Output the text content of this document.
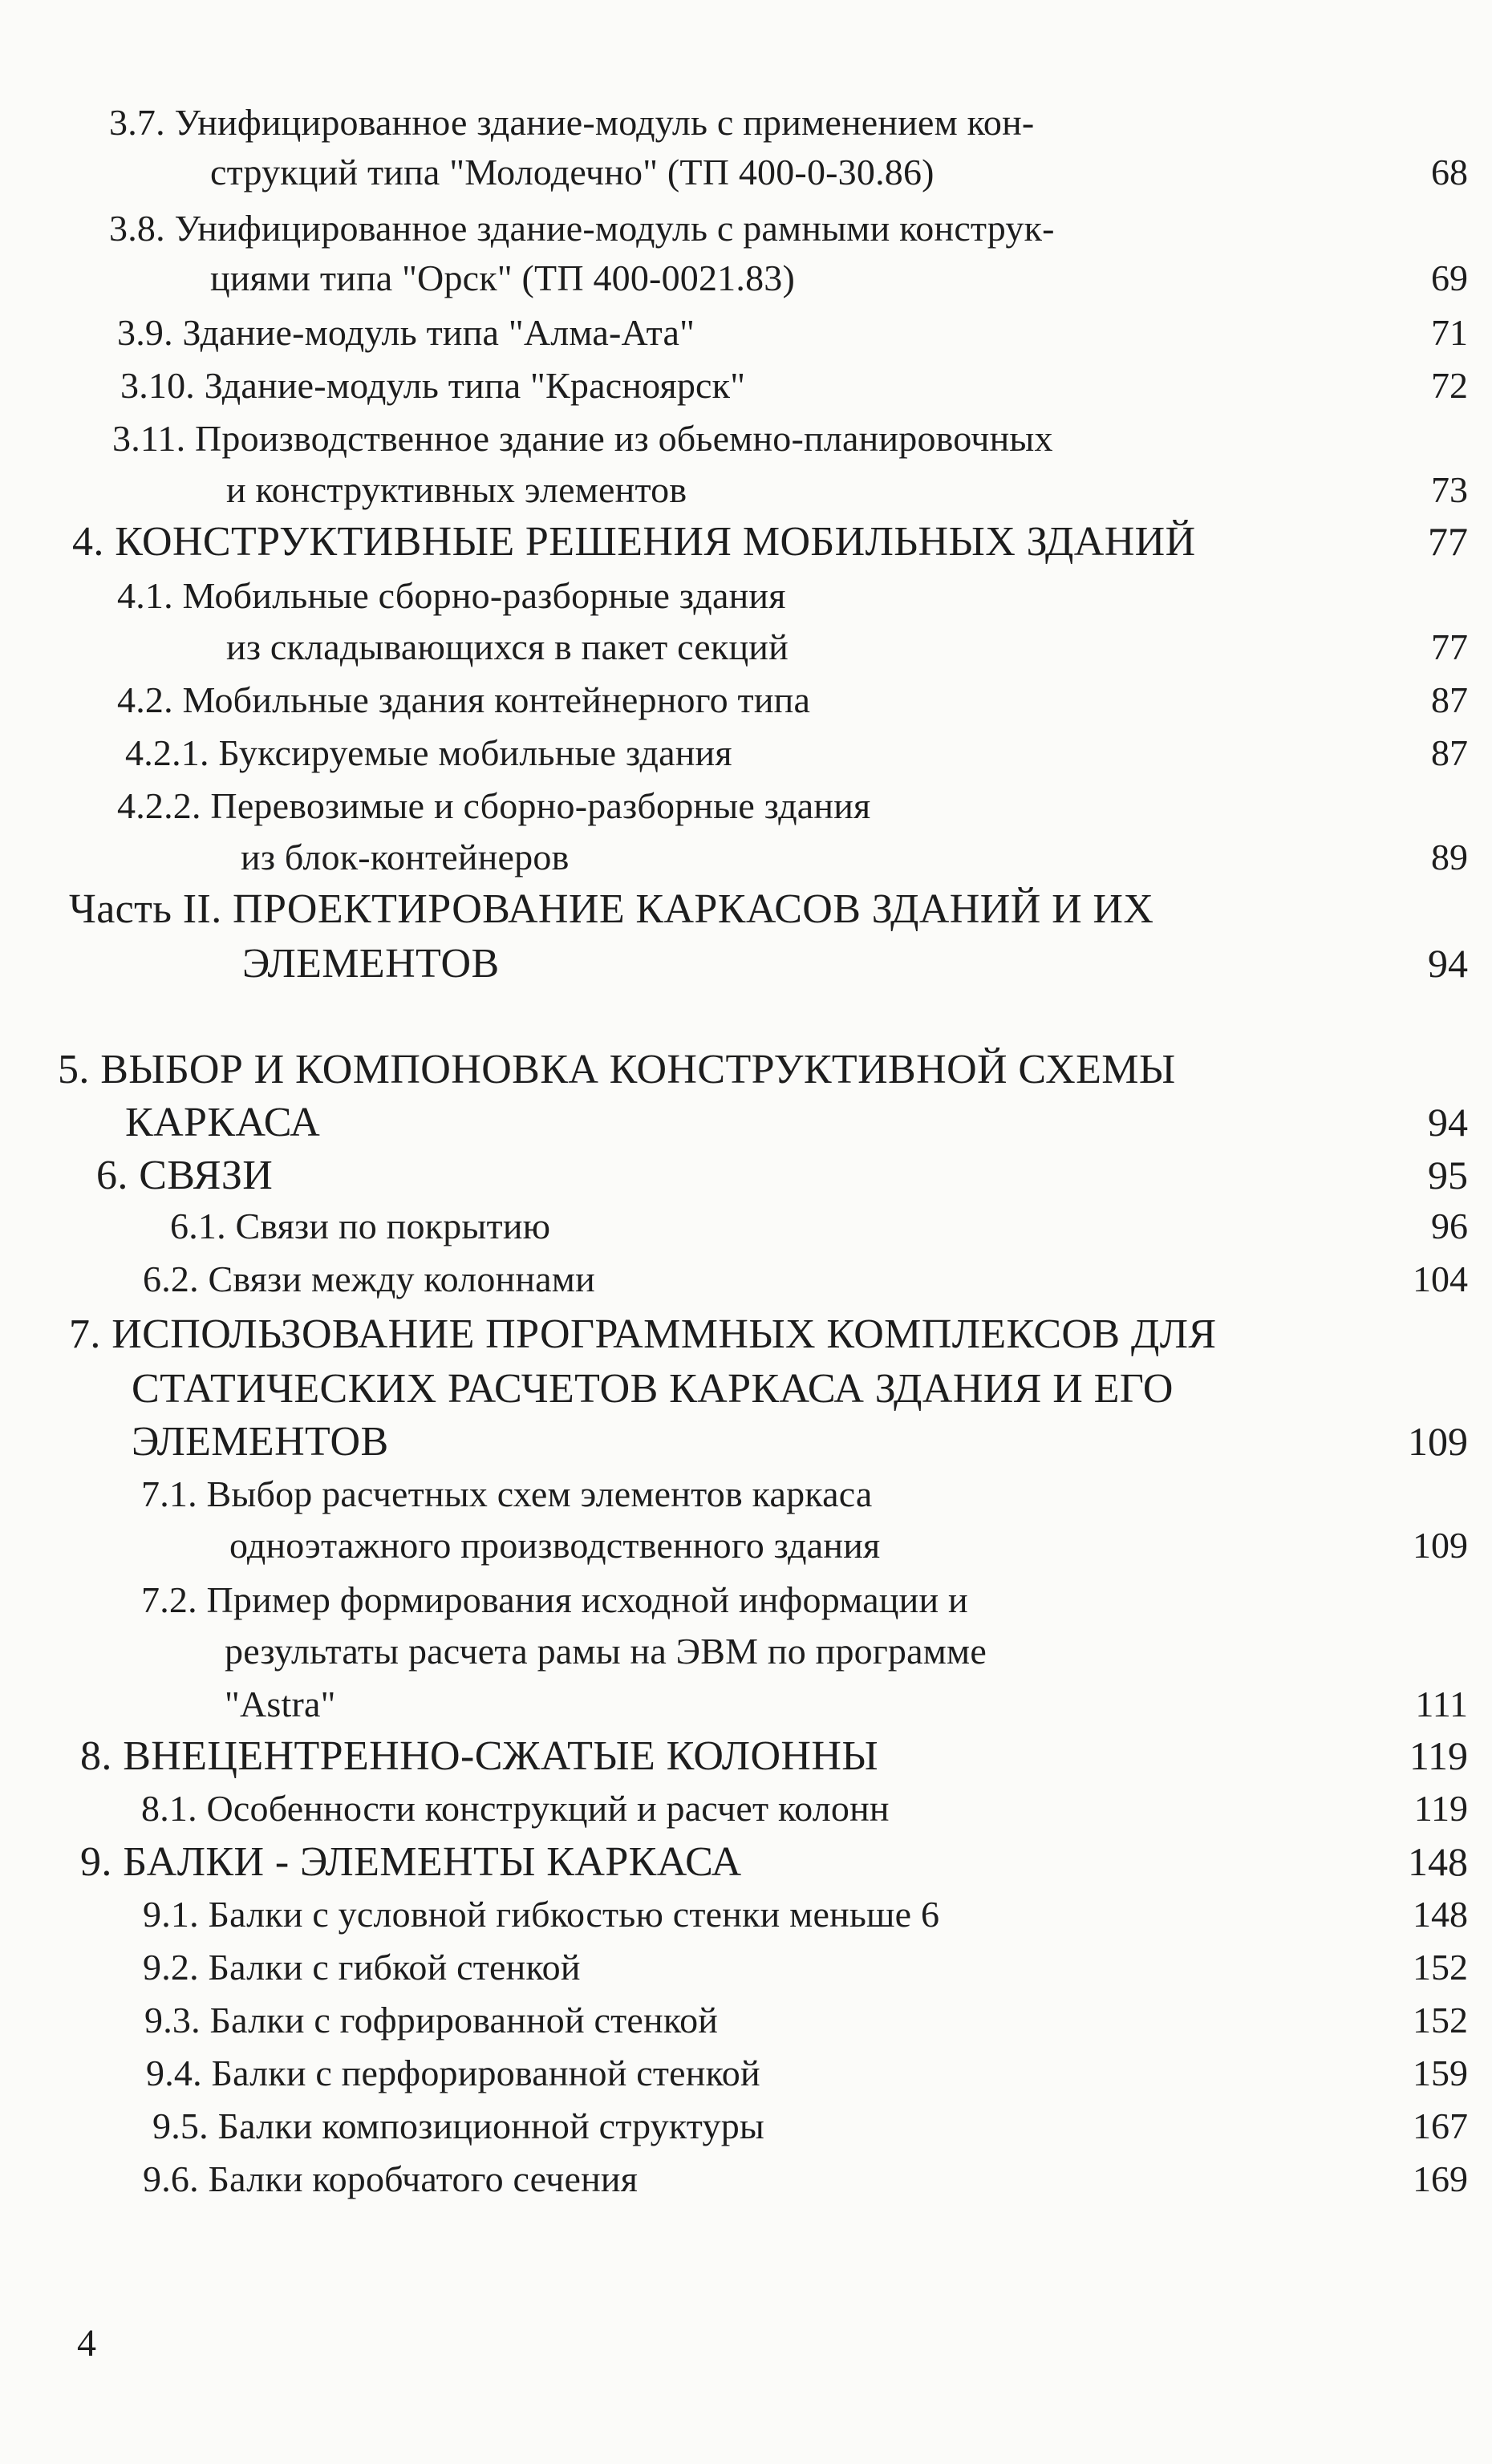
3.7. Унифицированное здание-модуль с применением кон-
струкций типа "Молодечно" (ТП 400-0-30.86)	68
3.8. Унифицированное здание-модуль с рамными конструк-
циями типа "Орск" (ТП 400-0021.83)	69
3.9. Здание-модуль типа "Алма-Ата"	71
3.10. Здание-модуль типа "Красноярск"	72
3.11. Производственное здание из обьемно-планировочных
и конструктивных элементов	73
4. КОНСТРУКТИВНЫЕ РЕШЕНИЯ МОБИЛЬНЫХ ЗДАНИЙ	77
4.1. Мобильные сборно-разборные здания
из складывающихся в пакет секций	77
4.2. Мобильные здания контейнерного типа	87
4.2.1. Буксируемые мобильные здания	87
4.2.2. Перевозимые и сборно-разборные здания
из блок-контейнеров	89
Часть II. ПРОЕКТИРОВАНИЕ КАРКАСОВ ЗДАНИЙ И ИХ
ЭЛЕМЕНТОВ	94
5. ВЫБОР И КОМПОНОВКА КОНСТРУКТИВНОЙ СХЕМЫ
КАРКАСА	94
6. СВЯЗИ	95
6.1. Связи по покрытию	96
6.2. Связи между колоннами	104
7. ИСПОЛЬЗОВАНИЕ ПРОГРАММНЫХ КОМПЛЕКСОВ ДЛЯ
СТАТИЧЕСКИХ РАСЧЕТОВ КАРКАСА ЗДАНИЯ И ЕГО
ЭЛЕМЕНТОВ	109
7.1. Выбор расчетных схем элементов каркаса
одноэтажного производственного здания	109
7.2. Пример формирования исходной информации и
результаты расчета рамы на ЭВМ по программе
"Astra"	111
8. ВНЕЦЕНТРЕННО-СЖАТЫЕ КОЛОННЫ	119
8.1. Особенности конструкций и расчет колонн	119
9. БАЛКИ - ЭЛЕМЕНТЫ КАРКАСА	148
9.1. Балки с условной гибкостью стенки меньше 6	148
9.2. Балки с гибкой стенкой	152
9.3. Балки с гофрированной стенкой	152
9.4. Балки с перфорированной стенкой	159
9.5. Балки композиционной структуры	167
9.6. Балки коробчатого сечения	169
4
